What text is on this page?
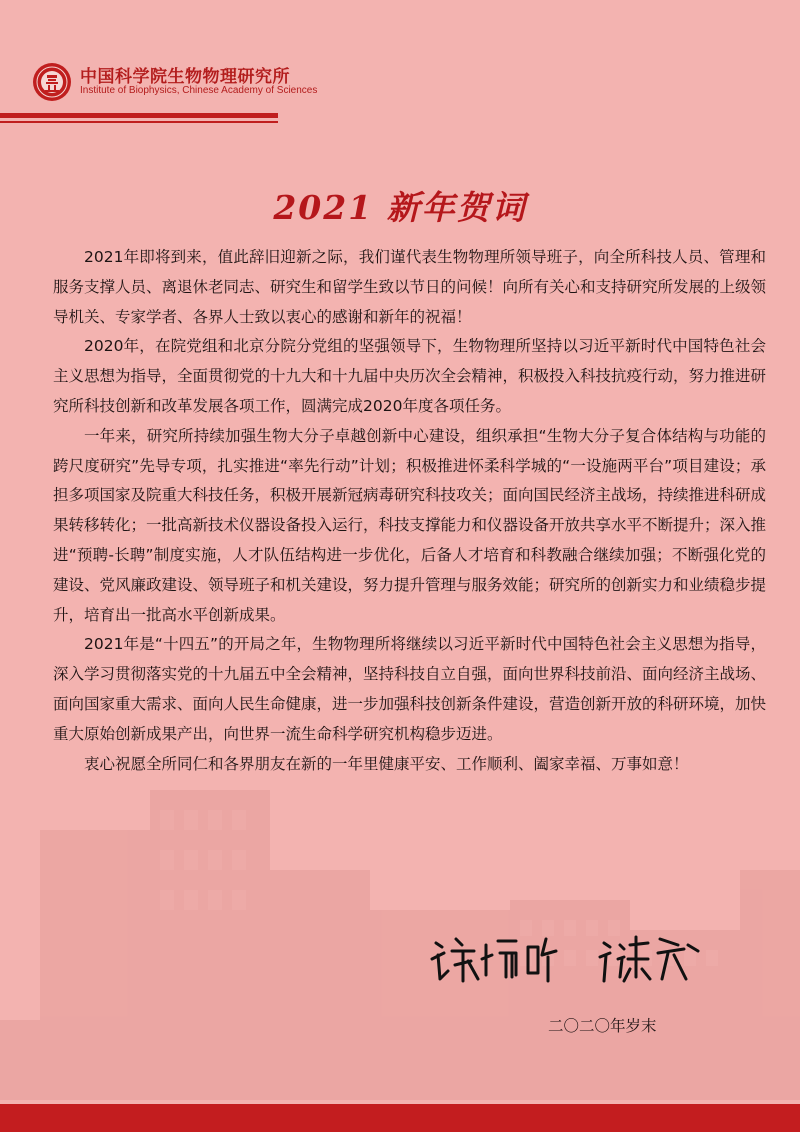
中国科学院生物物理研究所
Institute of Biophysics, Chinese Academy of Sciences
2021 新年贺词

2021年即将到来，值此辞旧迎新之际，我们谨代表生物物理所领导班子，向全所科技人员、管理和服务支撑人员、离退休老同志、研究生和留学生致以节日的问候！向所有关心和支持研究所发展的上级领导机关、专家学者、各界人士致以衷心的感谢和新年的祝福！

2020年，在院党组和北京分院分党组的坚强领导下，生物物理所坚持以习近平新时代中国特色社会主义思想为指导，全面贯彻党的十九大和十九届中央历次全会精神，积极投入科技抗疫行动，努力推进研究所科技创新和改革发展各项工作，圆满完成2020年度各项任务。

一年来，研究所持续加强生物大分子卓越创新中心建设，组织承担“生物大分子复合体结构与功能的跨尺度研究”先导专项，扎实推进“率先行动”计划；积极推进怀柔科学城的“一设施两平台”项目建设；承担多项国家及院重大科技任务，积极开展新冠病毒研究科技攻关；面向国民经济主战场，持续推进科研成果转移转化；一批高新技术仪器设备投入运行，科技支撑能力和仪器设备开放共享水平不断提升；深入推进“预聘-长聘”制度实施，人才队伍结构进一步优化，后备人才培育和科教融合继续加强；不断强化党的建设、党风廉政建设、领导班子和机关建设，努力提升管理与服务效能；研究所的创新实力和业绩稳步提升，培育出一批高水平创新成果。

2021年是“十四五”的开局之年，生物物理所将继续以习近平新时代中国特色社会主义思想为指导，深入学习贯彻落实党的十九届五中全会精神，坚持科技自立自强，面向世界科技前沿、面向经济主战场、面向国家重大需求、面向人民生命健康，进一步加强科技创新条件建设，营造创新开放的科研环境，加快重大原始创新成果产出，向世界一流生命科学研究机构稳步迈进。

衷心祝愿全所同仁和各界朋友在新的一年里健康平安、工作顺利、阖家幸福、万事如意！

二〇二〇年岁末
